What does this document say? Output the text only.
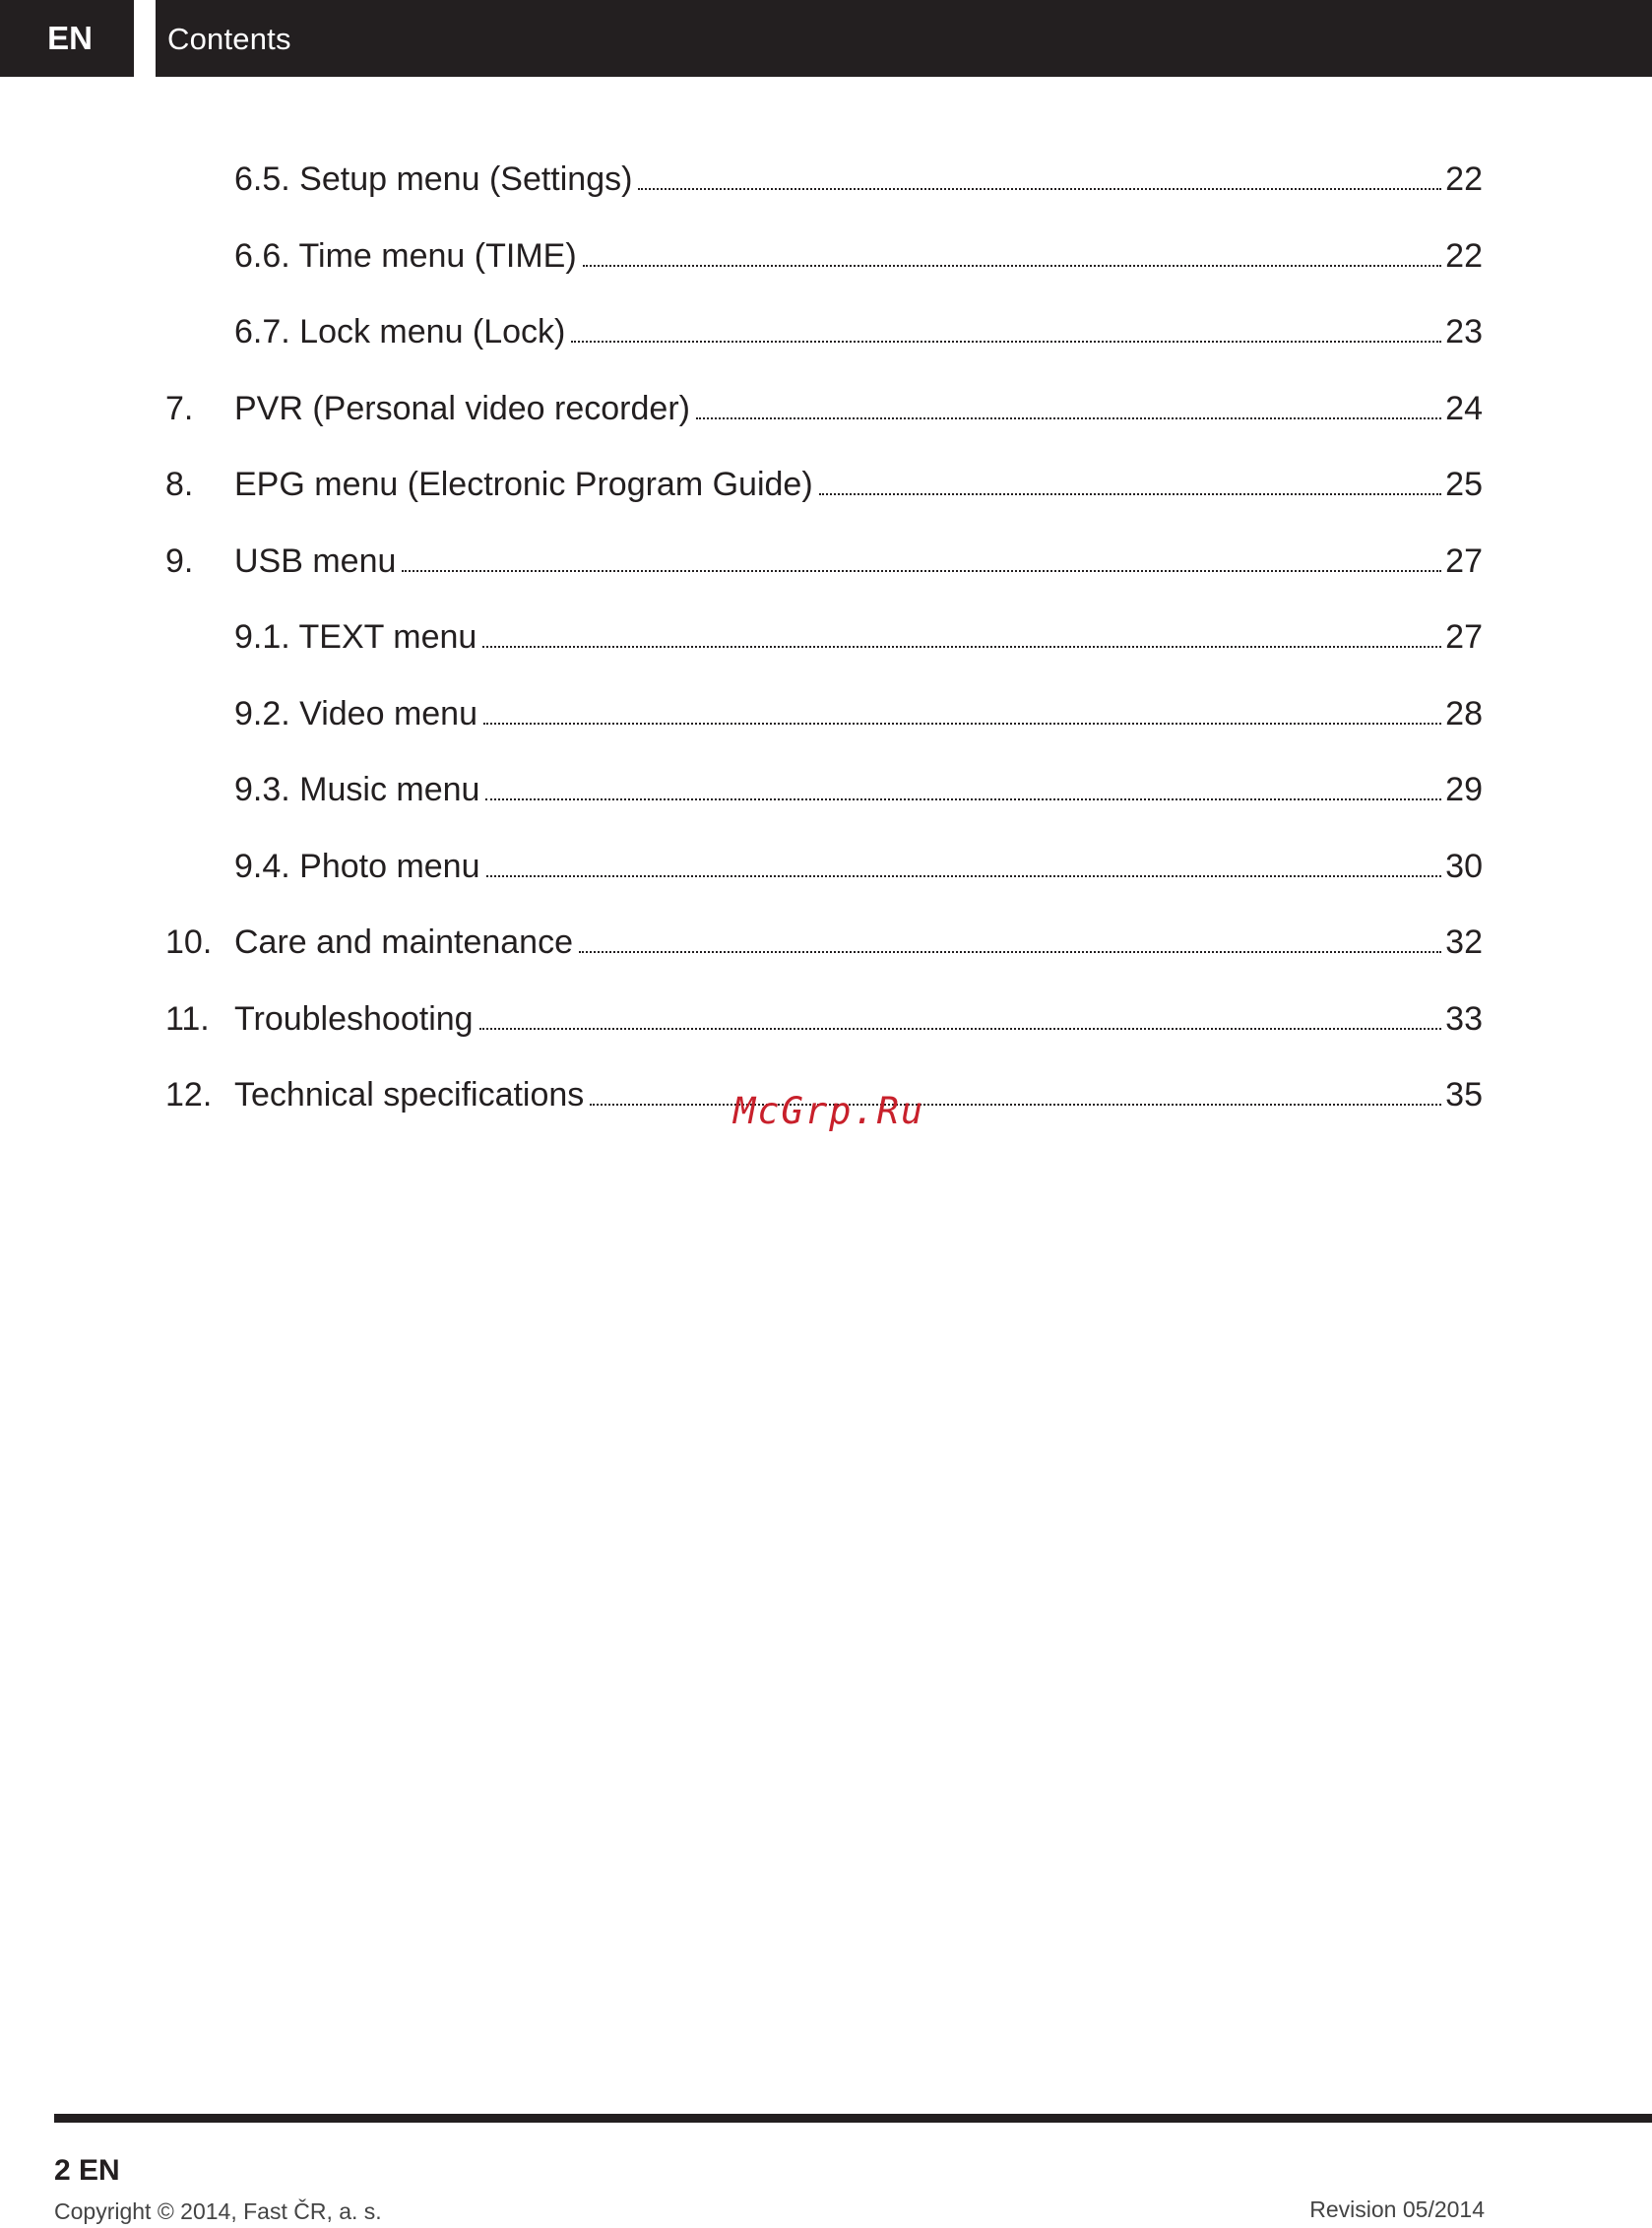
EN	Contents
6.5. Setup menu (Settings)	22
6.6. Time menu (TIME)	22
6.7. Lock menu (Lock)	23
7. PVR (Personal video recorder)	24
8. EPG menu (Electronic Program Guide)	25
9. USB menu	27
9.1. TEXT menu	27
9.2. Video menu	28
9.3. Music menu	29
9.4. Photo menu	30
10. Care and maintenance	32
11. Troubleshooting	33
12. Technical specifications	35
McGrp.Ru
2 EN
Copyright © 2014, Fast ČR, a. s.	Revision 05/2014
